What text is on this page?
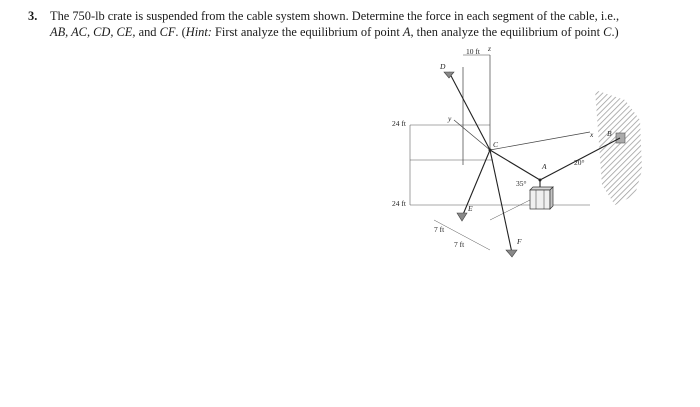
3. The 750-lb crate is suspended from the cable system shown. Determine the force in each segment of the cable, i.e.,
AB, AC, CD, CE, and CF. (Hint: First analyze the equilibrium of point A, then analyze the equilibrium of point C.)
10 ft z
D
24 ft
y
C
x B
20°
A
35°
24 ft
E
7 ft
7 ft	F
